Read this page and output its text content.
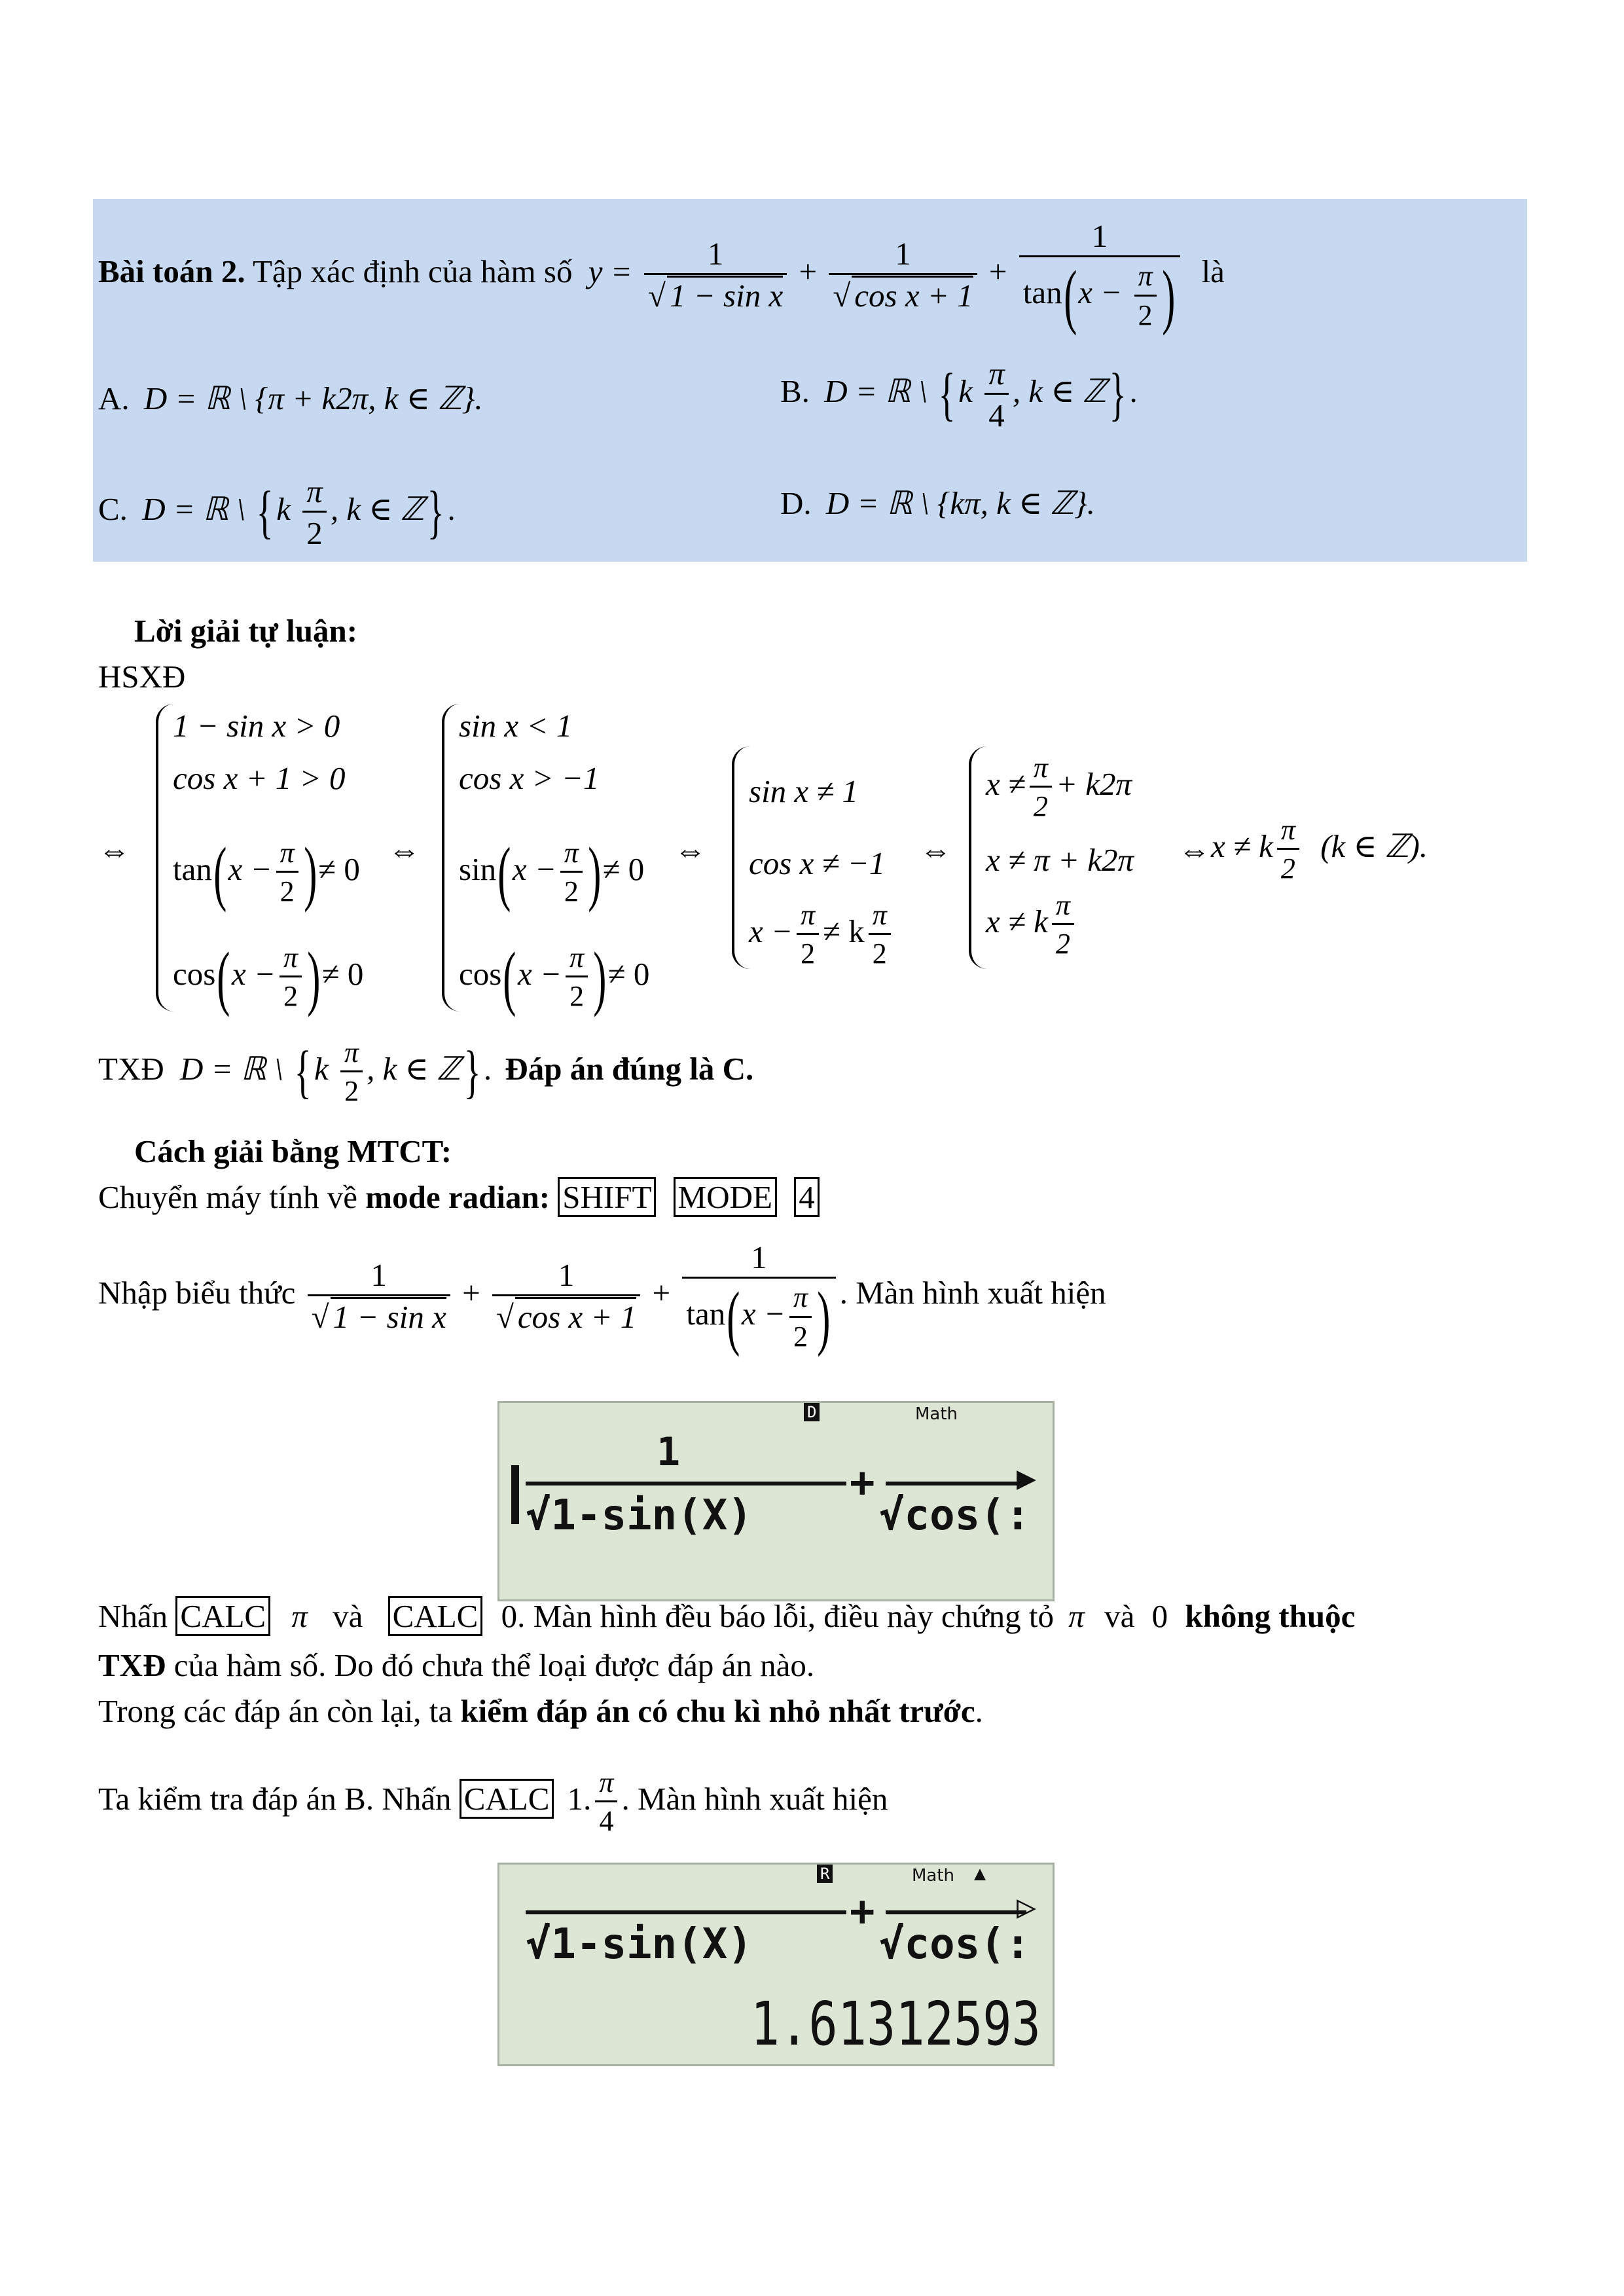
Bài toán 2. Tập xác định của hàm số $y = \frac{1}{\text{√ 1 − sin x}} + \frac{1}{\text{√ cos x + 1}} + \frac{1}{\tan(x - \frac{\pi}{2} )}$ là
A. D = ℝ \ {π + k2π, k ∈ ℤ}.	B. D = ℝ \ {$k \frac{\pi}{4}$ , k ∈ ℤ}.
C. D = ℝ \ {$k \frac{\pi}{2}$ , k ∈ ℤ}.	D. D = ℝ \ {kπ, k ∈ ℤ}.
Lời giải tự luận:
HSXĐ
⇔
1 − sin x > 0
cos x + 1 > 0
$\tan(x - \frac{\pi}{2}$ )≠ 0
$\cos(x - \frac{\pi}{2}$ )≠ 0
⇔
sin x < 1
cos x > −1
$\sin(x - \frac{\pi}{2}$ )≠ 0
$\cos(x - \frac{\pi}{2}$ )≠ 0
⇔
sin x ≠ 1
cos x ≠ −1
$x - \frac{\pi}{2} \ne k \frac{\pi}{2}$
⇔
$x \ne \frac{\pi}{2} + k2\pi$
x ≠ π + k2π
x ≠ k $\frac{\pi}{2}$
⇔ x ≠ k $\frac{\pi}{2} (k$ ∈ ℤ).
TXĐ D = ℝ \ {$k \frac{\pi}{2}$ , k ∈ ℤ}. Đáp án đúng là C.
Cách giải bằng MTCT:
Chuyển máy tính về mode radian: SHIFT MODE 4
Nhập biểu thức $\frac{1}{\text{√ 1 − sin x}} + \frac{1}{\text{√ cos x + 1}} + \frac{1}{\tan(x - \frac{\pi}{2} )}$ . Màn hình xuất hiện
D	Math
1
√1-sin(X)
+
√cos(:
▶
Nhấn CALC π và CALC 0. Màn hình đều báo lỗi, điều này chứng tỏ π và 0 không thuộc
TXĐ của hàm số. Do đó chưa thể loại được đáp án nào.
Trong các đáp án còn lại, ta kiểm đáp án có chu kì nhỏ nhất trước.
Ta kiểm tra đáp án B. Nhấn CALC 1. $\frac{\pi}{4}$ . Màn hình xuất hiện
R	Math ▲
√1-sin(X)
+
√cos(:
▷
1.61312593
